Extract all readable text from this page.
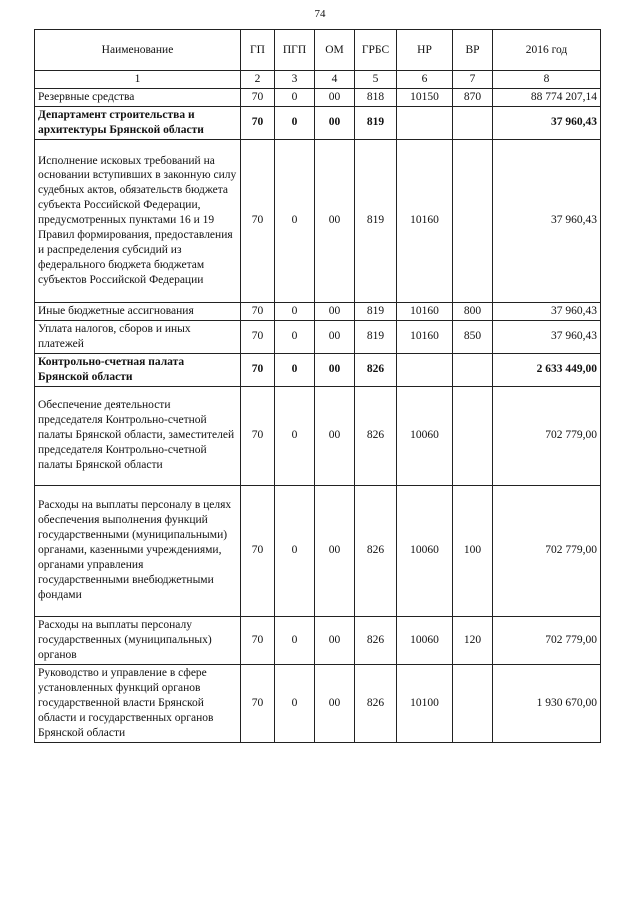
74
Наименование	ГП	ПГП	ОМ	ГРБС	НР	ВР	2016 год
1	2	3	4	5	6	7	8
Резервные средства	70	0	00	818	10150	870	88 774 207,14
Департамент строительства и архитектуры Брянской области	70	0	00	819			37 960,43
Исполнение исковых требований на основании вступивших в законную силу судебных актов, обязательств бюджета субъекта Российской Федерации, предусмотренных пунктами 16 и 19 Правил формирования, предоставления и распределения субсидий из федерального бюджета бюджетам субъектов Российской Федерации	70	0	00	819	10160		37 960,43
Иные бюджетные ассигнования	70	0	00	819	10160	800	37 960,43
Уплата налогов, сборов и иных платежей	70	0	00	819	10160	850	37 960,43
Контрольно-счетная палата Брянской области	70	0	00	826			2 633 449,00
Обеспечение деятельности председателя Контрольно-счетной палаты Брянской области, заместителей председателя Контрольно-счетной палаты Брянской области	70	0	00	826	10060		702 779,00
Расходы на выплаты персоналу в целях обеспечения выполнения функций государственными (муниципальными) органами, казенными учреждениями, органами управления государственными внебюджетными фондами	70	0	00	826	10060	100	702 779,00
Расходы на выплаты персоналу государственных (муниципальных) органов	70	0	00	826	10060	120	702 779,00
Руководство и управление в сфере установленных функций органов государственной власти Брянской области и государственных органов Брянской области	70	0	00	826	10100		1 930 670,00
